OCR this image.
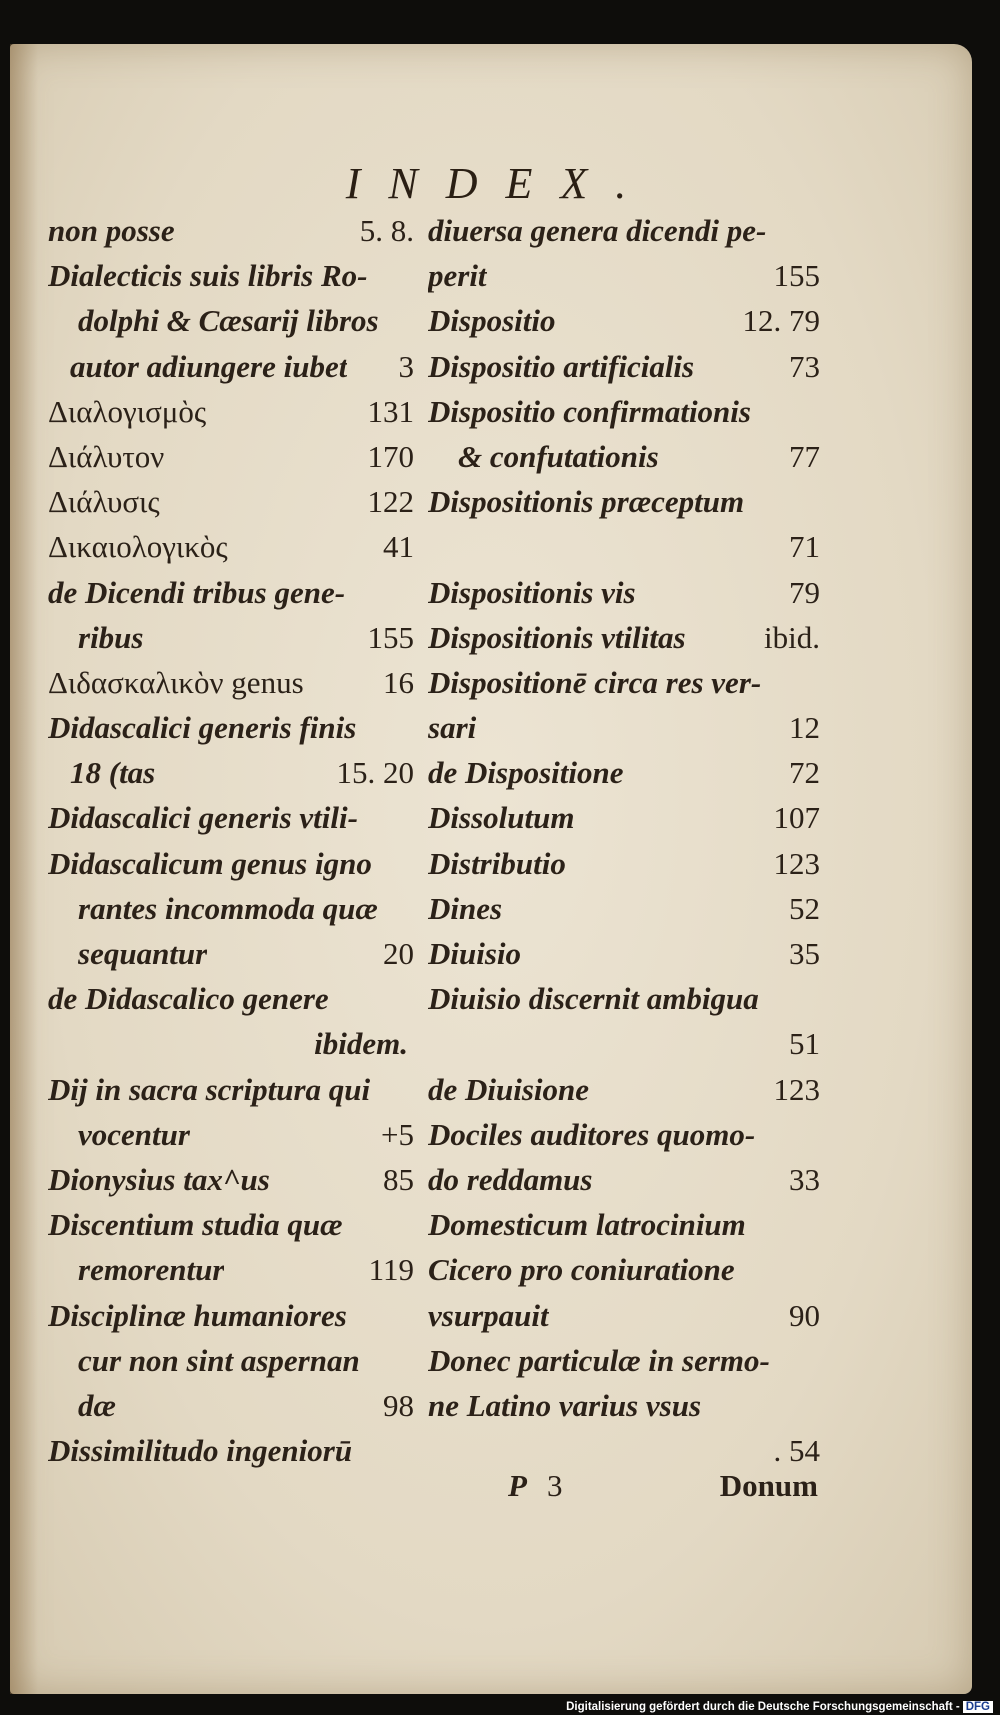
INDEX.
non posse	5. 8.
Dialecticis suis libris Ro-
dolphi & Cæsarij libros
autor adiungere iubet 3
Διαλογισμὸς	131
Διάλυτον	170
Διάλυσις	122
Δικαιολογικὸς	41
de Dicendi tribus gene-
ribus	155
Διδασκαλικὸν genus	16
Didascalici generis finis
18 (tas	15. 20
Didascalici generis vtili-
Didascalicum genus igno
rantes incommoda quæ
sequantur	20
de Didascalico genere
ibidem.
Dij in sacra scriptura qui
vocentur	+5
Dionysius tax^us	85
Discentium studia quæ
remorentur	119
Disciplinæ humaniores
cur non sint aspernan
dæ	98
Dissimilitudo ingeniorū
diuersa genera dicendi pe-
perit	155
Dispositio	12. 79
Dispositio artificialis	73
Dispositio confirmationis
& confutationis	77
Dispositionis præceptum
71
Dispositionis vis	79
Dispositionis vtilitas	ibid.
Dispositionē circa res ver-
sari	12
de Dispositione	72
Dissolutum	107
Distributio	123
Dines	52
Diuisio	35
Diuisio discernit ambigua
51
de Diuisione	123
Dociles auditores quomo-
do reddamus	33
Domesticum latrocinium
Cicero pro coniuratione
vsurpauit	90
Donec particulæ in sermo-
ne Latino varius vsus
. 54
P 3	Donum
Digitalisierung gefördert durch die Deutsche Forschungsgemeinschaft - DFG
